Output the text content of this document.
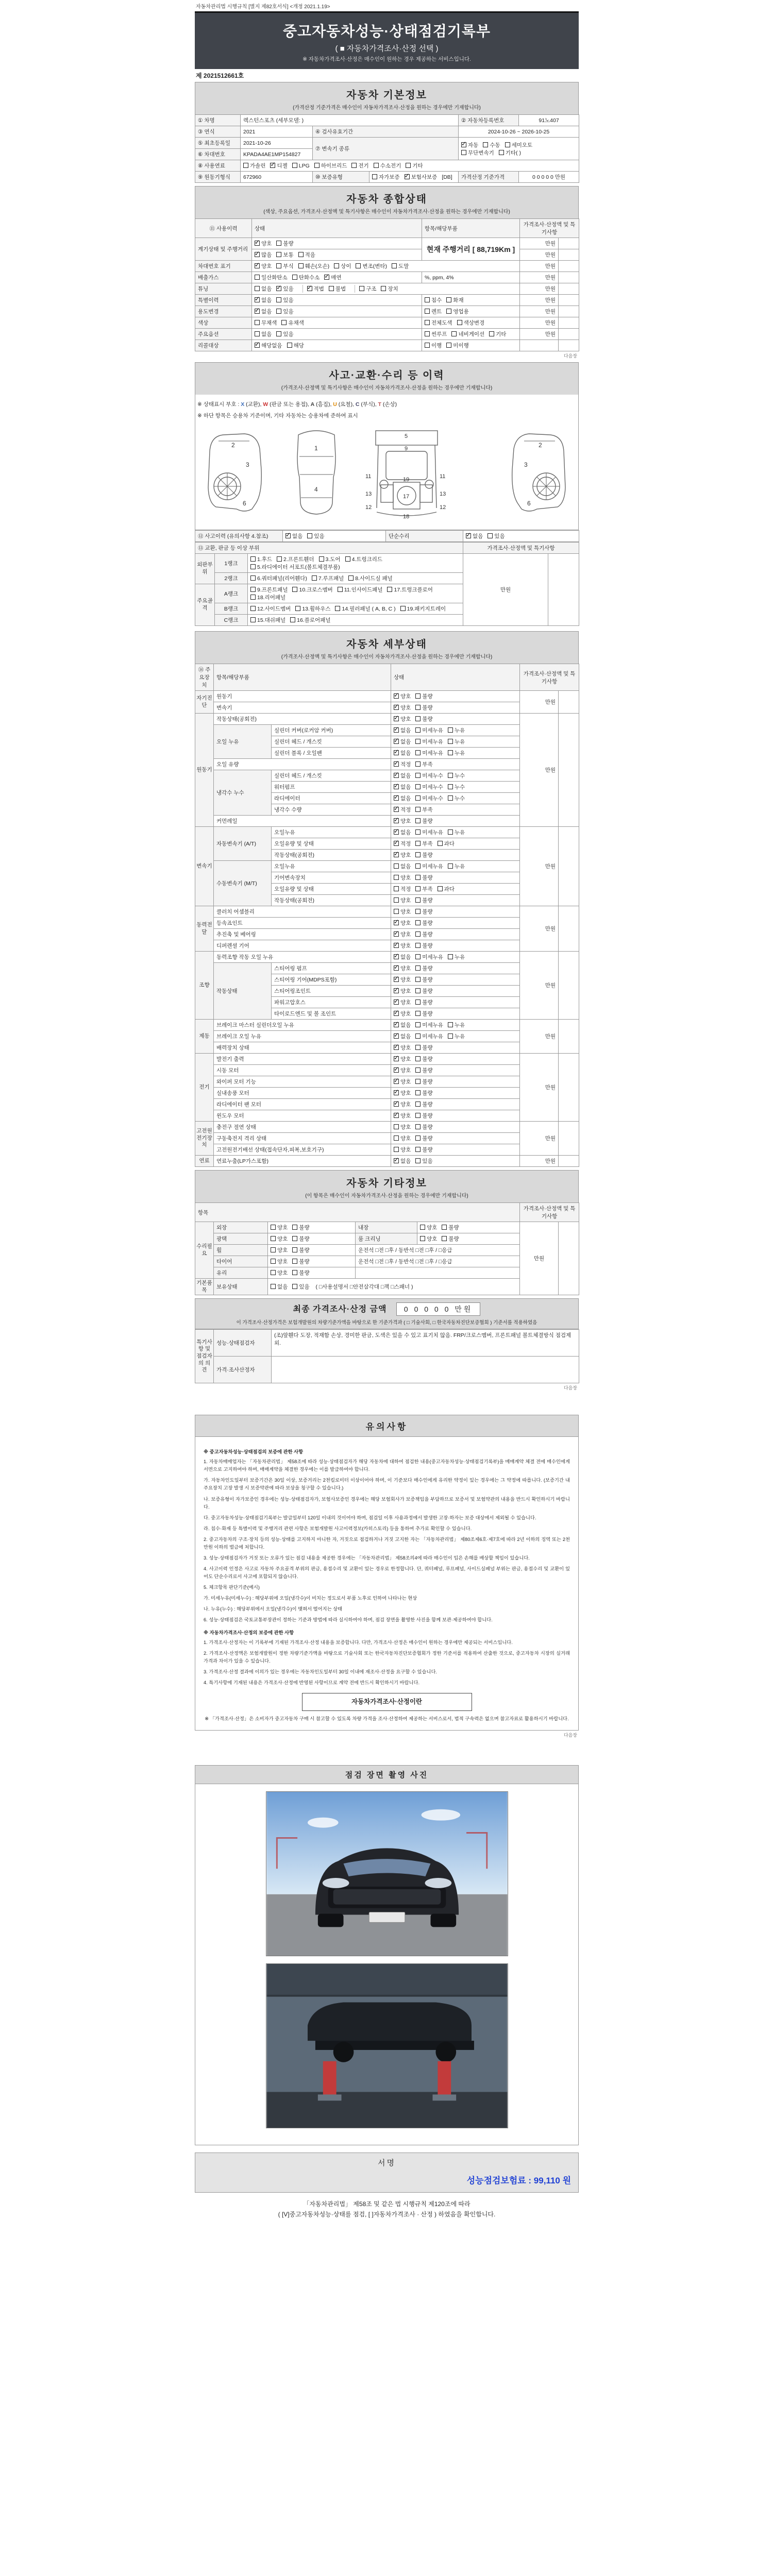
자동차관리법 시행규칙 [별지 제82호서식] <개정 2021.1.19>
중고자동차성능·상태점검기록부
( ■ 자동차가격조사·산정 선택 )
※ 자동차가격조사·산정은 매수인이 원하는 경우 제공하는 서비스입니다.
제 2021512661호
자동차 기본정보
(가격산정 기준가격은 매수인이 자동차가격조사·산정을 원하는 경우에만 기재합니다)
① 차명	렉스턴스포츠 (세부모델: )			② 자동차등록번호	91노407
③ 연식	2021	④ 검사유효기간		2024-10-26 ~ 2026-10-25	
⑤ 최초등록일	2021-10-26	⑦ 변속기 종류	✓자동 수동 세미오토
무단변속기 기타( )
⑥ 차대번호	KPADA4AE1MP154827				
⑧ 사용연료	가솔린 ✓ 디젤 LPG 하이브리드 전기 수소전기 기타
⑨ 원동기형식	672960	⑩ 보증유형	자가보증 ✓ 보험사보증 [DB]	가격산정 기준가격	0 0 0 0 0 만원
자동차 종합상태
(색상, 주요옵션, 가격조사·산정액 및 특기사항은 매수인이 자동차가격조사·산정을 원하는 경우에만 기재합니다)
⑪ 사용이력	상태	항목/해당부품	가격조사·산정액 및 특기사항	
계기상태 및 주행거리	✓양호 불량	현재 주행거리 [ 88,719Km ]	만원	
✓많음 보통 적음		만원	
차대번호 표기	✓양호 부식 훼손(오손) 상이 변조(변타) 도말		만원	
배출가스	일산화탄소 탄화수소 ✓ 매연	%, ppm, 4%	만원	
튜닝	없음 ✓ 있음 ✓ 적법 불법 구조 장치		만원	
특별이력	✓없음 있음	침수 화재	만원	
용도변경	✓없음 있음	렌트 영업용	만원	
색상	무채색 유채색	전체도색 색상변경	만원	
주요옵션	없음 있음	썬루프 네비게이션 기타	만원	
리콜대상	✓해당없음 해당	이행 미이행		
다음장
사고·교환·수리 등 이력
(가격조사·산정액 및 특기사항은 매수인이 자동차가격조사·산정을 원하는 경우에만 기재합니다)
※ 상태표시 부호 : X (교환), W (판금 또는 용접), A (흠집), U (요철), C (부식), T (손상)
※ 하단 항목은 승용차 기준이며, 기타 자동차는 승용차에 준하여 표시
2
3
6
1
4
5
9
11	11
13	13
12	12
17
18
19
2
3
6
⑫ 사고이력 (유의사항 4.참조)	✓없음 있음	단순수리	✓없음 있음
⑬ 교환, 판금 등 이상 부위			가격조사·산정액 및 특기사항	
외판부위	1랭크	1.후드 2.프론트휀더 3.도어 4.트렁크리드5.라디에이터 서포트(볼트체결부품)	만원	
	2랭크	6.쿼터패널(리어휀다) 7.루프패널 8.사이드실 패널		
주요골격	A랭크	9.프론트패널 10.크로스멤버 11.인사이드패널 17.트렁크플로어18.리어패널		
	B랭크	12.사이드멤버 13.휠하우스 14.필러패널 ( A, B, C ) 19.패키지트레이		
	C랭크	15.대쉬패널 16.플로어패널		
자동차 세부상태
(가격조사·산정액 및 특기사항은 매수인이 자동차가격조사·산정을 원하는 경우에만 기재합니다)
⑭ 주요장치	항목/해당부품		상태	가격조사·산정액 및 특기사항	
자기진단	원동기	✓양호 불량	만원	
	변속기	✓양호 불량
원동기	작동상태(공회전)	✓양호 불량	만원	
	오일 누유	실린더 커버(로커암 커버)	✓없음 미세누유 누유
		실린더 헤드 / 개스킷	✓없음 미세누유 누유
		실린더 블록 / 오일팬	✓없음 미세누유 누유
	오일 유량	✓적정 부족
	냉각수 누수	실린더 헤드 / 개스킷	✓없음 미세누수 누수
		워터펌프	✓없음 미세누수 누수
		라디에이터	✓없음 미세누수 누수
		냉각수 수량	✓적정 부족
	커먼레일	✓양호 불량
변속기	자동변속기 (A/T)	오일누유	✓없음 미세누유 누유	만원	
		오일유량 및 상태	✓적정 부족 과다
		작동상태(공회전)	✓양호 불량
	수동변속기 (M/T)	오일누유	없음 미세누유 누유		
		기어변속장치	양호 불량		
		오일유량 및 상태	적정 부족 과다		
		작동상태(공회전)	양호 불량		
동력전달	클러치 어셈블리		양호 불량	만원	
	등속죠인트	✓양호 불량
	추진축 및 베어링	✓양호 불량
	디퍼렌셜 기어	✓양호 불량
조향	동력조향 작동 오일 누유	✓없음 미세누유 누유	만원	
	작동상태	스티어링 펌프	✓양호 불량
		스티어링 기어(MDPS포함)	✓양호 불량
		스티어링조인트	✓양호 불량
		파워고압호스	✓양호 불량
		타이로드엔드 및 볼 조인트	✓양호 불량
제동	브레이크 마스터 실린더오일 누유	✓없음 미세누유 누유	만원	
	브레이크 오일 누유	✓없음 미세누유 누유
	배력장치 상태	✓양호 불량
전기	발전기 출력	✓양호 불량	만원	
	시동 모터	✓양호 불량
	와이퍼 모터 기능	✓양호 불량
	실내송풍 모터	✓양호 불량
	라디에이터 팬 모터	✓양호 불량
	윈도우 모터	✓양호 불량
고전원전기장치	충전구 절연 상태		양호 불량	만원	
	구동축전지 격리 상태		양호 불량		
	고전원전기배선 상태(접속단자,피복,보호기구)		양호 불량		
연료	연료누출(LP가스포함)	✓없음 있음	만원	
자동차 기타정보
(이 항목은 매수인이 자동차가격조사·산정을 원하는 경우에만 기재합니다)
항목					가격조사·산정액 및 특기사항	
수리필요	외장	양호 불량	내장	양호 불량	만원	
	광택	양호 불량	룸 크리닝	양호 불량		
	휠	양호 불량	운전석 □전 □후 / 동반석 □전 □후 / □응급			
	타이어	양호 불량	운전석 □전 □후 / 동반석 □전 □후 / □응급			
	유리	양호 불량				
기본품목	보유상태	없음 있음 ( □사용설명서 □안전삼각대 □잭 □스패너 )				
최종 가격조사·산정 금액 0 0 0 0 0 만원
이 가격조사·산정가격은 보험개발원의 차량기준가액을 바탕으로 한 기준가격과 ( □ 기술사회, □ 한국자동차진단보증협회 ) 기준서를 적용하였음
특기사항 및 점검자의 의견	성능·상태점검자	(조)앞휀다 도장, 적재함 손상, 경미한 판금, 도색은 있을 수 있고 표기치 않음. FRP/크로스멤버, 프론트패널 볼트체결방식 점검제외.
	가격·조사산정자	
다음장
유의사항

※ 중고자동차성능·상태점검의 보증에 관한 사항

1. 자동차매매업자는 「자동차관리법」 제58조에 따라 성능·상태점검자가 해당 자동차에 대하여 점검한 내용(중고자동차성능·상태점검기록부)을 매매계약 체결 전에 매수인에게 서면으로 고지하여야 하며, 매매계약을 체결한 경우에는 이를 발급하여야 합니다.

가. 자동차인도일부터 보증기간은 30일 이상, 보증거리는 2천킬로미터 이상이어야 하며, 이 기준보다 매수인에게 유리한 약정이 있는 경우에는 그 약정에 따릅니다. (보증기간 내 주요장치 고장 발생 시 보증약관에 따라 보상을 청구할 수 있습니다.)

나. 보증유형이 자가보증인 경우에는 성능·상태점검자가, 보험사보증인 경우에는 해당 보험회사가 보증책임을 부담하므로 보증서 및 보험약관의 내용을 반드시 확인하시기 바랍니다.

다. 중고자동차성능·상태점검기록부는 발급일부터 120일 이내의 것이어야 하며, 점검일 이후 사용과정에서 발생한 고장·하자는 보증 대상에서 제외될 수 있습니다.

라. 침수·화재 등 특별이력 및 주행거리 관련 사항은 보험개발원 사고이력정보(카히스토리) 등을 통하여 추가로 확인할 수 있습니다.

2. 중고자동차의 구조·장치 등의 성능·상태를 고지하지 아니한 자, 거짓으로 점검하거나 거짓 고지한 자는 「자동차관리법」 제80조제6호·제7호에 따라 2년 이하의 징역 또는 2천만원 이하의 벌금에 처합니다.

3. 성능·상태점검자가 거짓 또는 오류가 있는 점검 내용을 제공한 경우에는 「자동차관리법」 제58조의4에 따라 매수인이 입은 손해를 배상할 책임이 있습니다.

4. 사고이력 인정은 사고로 자동차 주요골격 부위의 판금, 용접수리 및 교환이 있는 경우로 한정합니다. 단, 쿼터패널, 루프패널, 사이드실패널 부위는 판금, 용접수리 및 교환이 있어도 단순수리로서 사고에 포함되지 않습니다.

5. 체크항목 판단기준(예시)

가. 미세누유(미세누수) : 해당부위에 오일(냉각수)이 비치는 정도로서 부품 노후로 인하여 나타나는 현상

나. 누유(누수) : 해당부위에서 오일(냉각수)이 맺혀서 떨어지는 상태

6. 성능·상태점검은 국토교통부장관이 정하는 기준과 방법에 따라 실시하여야 하며, 점검 장면을 촬영한 사진을 함께 보관·제공하여야 합니다.

※ 자동차가격조사·산정의 보증에 관한 사항

1. 가격조사·산정자는 이 기록부에 기재된 가격조사·산정 내용을 보증합니다. 다만, 가격조사·산정은 매수인이 원하는 경우에만 제공되는 서비스입니다.

2. 가격조사·산정액은 보험개발원이 정한 차량기준가액을 바탕으로 기술사회 또는 한국자동차진단보증협회가 정한 기준서를 적용하여 산출한 것으로, 중고자동차 시장의 실거래 가격과 차이가 있을 수 있습니다.

3. 가격조사·산정 결과에 이의가 있는 경우에는 자동차인도일부터 30일 이내에 재조사·산정을 요구할 수 있습니다.

4. 특기사항에 기재된 내용은 가격조사·산정에 반영된 사항이므로 계약 전에 반드시 확인하시기 바랍니다.

자동차가격조사·산정이란
※ 「가격조사·산정」은 소비자가 중고자동차 구매 시 참고할 수 있도록 차량 가격을 조사·산정하여 제공하는 서비스로서, 법적 구속력은 없으며 참고자료로 활용하시기 바랍니다.
다음장
점검 장면 촬영 사진
서명
성능점검보험료 : 99,110 원
「자동차관리법」 제58조 및 같은 법 시행규칙 제120조에 따라
( [V]중고자동차성능·상태를 점검, [ ]자동차가격조사 · 산정 ) 하였음을 확인합니다.
